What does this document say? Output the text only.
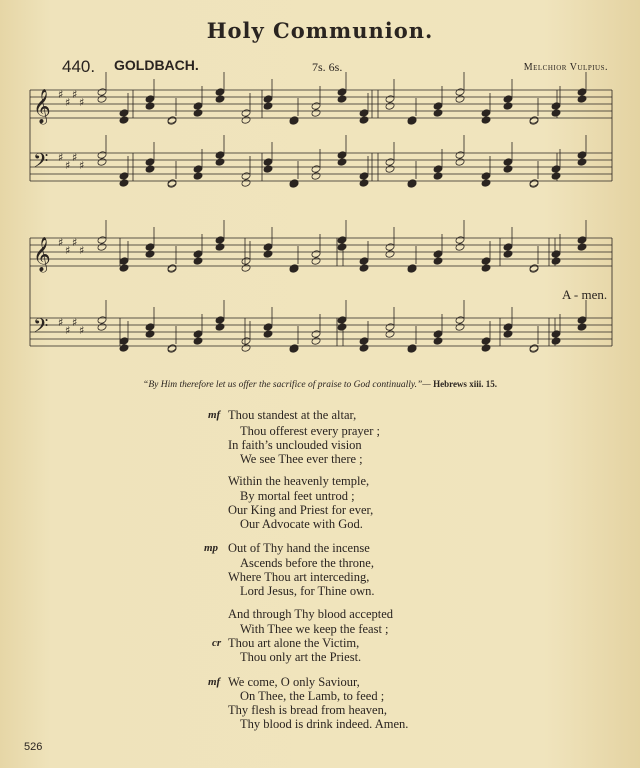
Holy Communion.
440. GOLDBACH.	7s. 6s.	Melchior Vulpius.
𝄞 ♯
♯
♯
♯
𝄢 ♯
♯
♯
♯
𝄞 ♯
♯
♯
♯
𝄢 ♯
♯
♯
♯
A - men.
“By Him therefore let us offer the sacrifice of praise to God continually.”— Hebrews xiii. 15.
mf Thou standest at the altar,
Thou offerest every prayer ;
In faith’s unclouded vision
We see Thee ever there ;
Within the heavenly temple,
By mortal feet untrod ;
Our King and Priest for ever,
Our Advocate with God.
mp Out of Thy hand the incense
Ascends before the throne,
Where Thou art interceding,
Lord Jesus, for Thine own.
And through Thy blood accepted
With Thee we keep the feast ;
cr Thou art alone the Victim,
Thou only art the Priest.
mf We come, O only Saviour,
On Thee, the Lamb, to feed ;
Thy flesh is bread from heaven,
Thy blood is drink indeed. Amen.
526
